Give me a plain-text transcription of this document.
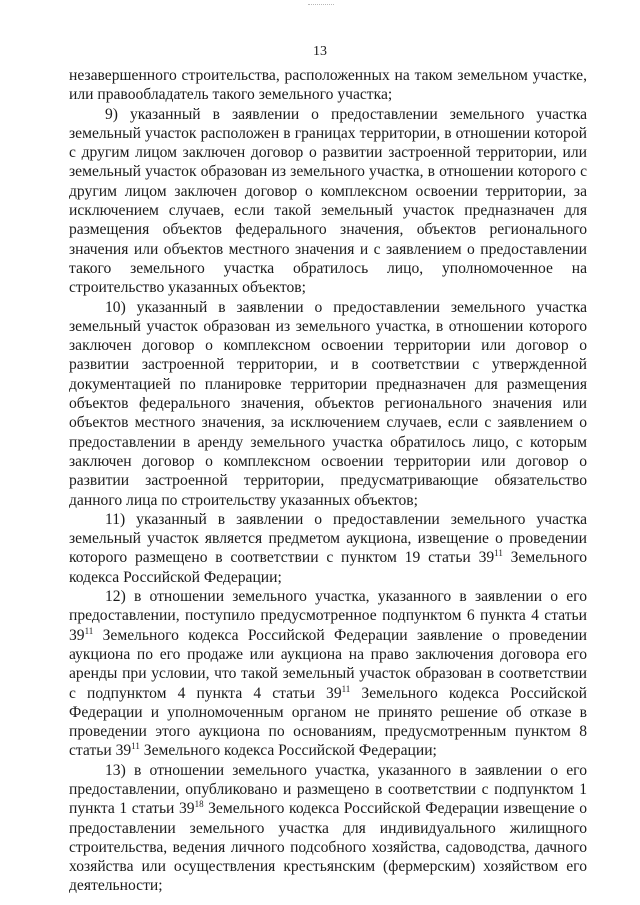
13

незавершенного строительства, расположенных на таком земельном участке, или правообладатель такого земельного участка;

9) указанный в заявлении о предоставлении земельного участка земельный участок расположен в границах территории, в отношении которой с другим лицом заключен договор о развитии застроенной территории, или земельный участок образован из земельного участка, в отношении которого с другим лицом заключен договор о комплексном освоении территории, за исключением случаев, если такой земельный участок предназначен для размещения объектов федерального значения, объектов регионального значения или объектов местного значения и с заявлением о предоставлении такого земельного участка обратилось лицо, уполномоченное на строительство указанных объектов;

10) указанный в заявлении о предоставлении земельного участка земельный участок образован из земельного участка, в отношении которого заключен договор о комплексном освоении территории или договор о развитии застроенной территории, и в соответствии с утвержденной документацией по планировке территории предназначен для размещения объектов федерального значения, объектов регионального значения или объектов местного значения, за исключением случаев, если с заявлением о предоставлении в аренду земельного участка обратилось лицо, с которым заключен договор о комплексном освоении территории или договор о развитии застроенной территории, предусматривающие обязательство данного лица по строительству указанных объектов;

11) указанный в заявлении о предоставлении земельного участка земельный участок является предметом аукциона, извещение о проведении которого размещено в соответствии с пунктом 19 статьи $39^{11}$ Земельного кодекса Российской Федерации;

12) в отношении земельного участка, указанного в заявлении о его предоставлении, поступило предусмотренное подпунктом 6 пункта 4 статьи $39^{11}$ Земельного кодекса Российской Федерации заявление о проведении аукциона по его продаже или аукциона на право заключения договора его аренды при условии, что такой земельный участок образован в соответствии с подпунктом 4 пункта 4 статьи $39^{11}$ Земельного кодекса Российской Федерации и уполномоченным органом не принято решение об отказе в проведении этого аукциона по основаниям, предусмотренным пунктом 8 статьи $39^{11}$ Земельного кодекса Российской Федерации;

13) в отношении земельного участка, указанного в заявлении о его предоставлении, опубликовано и размещено в соответствии с подпунктом 1 пункта 1 статьи $39^{18}$ Земельного кодекса Российской Федерации извещение о предоставлении земельного участка для индивидуального жилищного строительства, ведения личного подсобного хозяйства, садоводства, дачного хозяйства или осуществления крестьянским (фермерским) хозяйством его деятельности;
